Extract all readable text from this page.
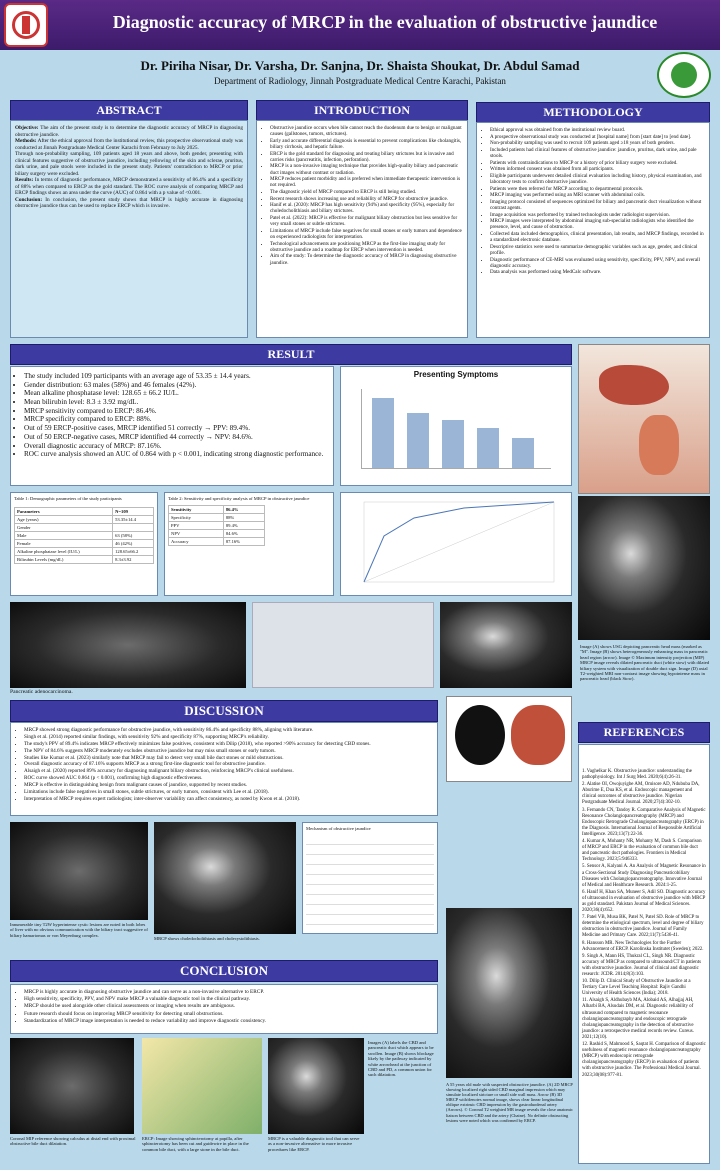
Diagnostic accuracy of MRCP in the evaluation of obstructive jaundice
Dr. Piriha Nisar, Dr. Varsha, Dr. Sanjna, Dr. Shaista Shoukat, Dr. Abdul Samad
Department of Radiology, Jinnah Postgraduate Medical Centre Karachi, Pakistan
ABSTRACT
Objective: The aim of the present study is to determine the diagnostic accuracy of MRCP in diagnosing obstructive jaundice.
Methods: After the ethical approval from the institutional review, this prospective observational study was conducted at Jinnah Postgraduate Medical Center Karachi from February to July 2025.
Through non-probability sampling, 109 patients aged 18 years and above, both gender, presenting with clinical features suggestive of obstructive jaundice, including yellowing of the skin and sclerae, pruritus, dark urine, and pale stools were included in the present study. Patients' contradiction to MRCP or prior biliary surgery were excluded.
Results: In terms of diagnostic performance, MRCP demonstrated a sensitivity of 86.4% and a specificity of 88% when compared to ERCP as the gold standard. The ROC curve analysis of comparing MRCP and ERCP findings shows an area under the curve (AUC) of 0.864 with a p value of <0.001.
Conclusion: In conclusion, the present study shows that MRCP is highly accurate in diagnosing obstructive jaundice thus can be used to replace ERCP which is invasive.
INTRODUCTION
• Obstructive jaundice occurs when bile cannot reach the duodenum due to benign or malignant causes (gallstones, tumors, strictures).
• Early and accurate differential diagnosis is essential to prevent complications like cholangitis, biliary cirrhosis, and hepatic failure.
• ERCP is the gold standard for diagnosing and treating biliary strictures but is invasive and carries risks (pancreatitis, infection, perforation).
• MRCP is a non-invasive imaging technique that provides high-quality biliary and pancreatic duct images without contrast or radiation.
• MRCP reduces patient morbidity and is preferred when immediate therapeutic intervention is not required.
• The diagnostic yield of MRCP compared to ERCP is still being studied.
• Recent research shows increasing use and reliability of MRCP for obstructive jaundice.
• Hanif et al. (2020): MRCP has high sensitivity (94%) and specificity (95%), especially for choledocholithiasis and biliary strictures.
• Patel et al. (2022): MRCP is effective for malignant biliary obstruction but less sensitive for very small stones or subtle strictures.
• Limitations of MRCP include false negatives for small stones or early tumors and dependence on experienced radiologists for interpretation.
• Technological advancements are positioning MRCP as the first-line imaging study for obstructive jaundice and a roadmap for ERCP when intervention is needed.
• Aim of the study: To determine the diagnostic accuracy of MRCP in diagnosing obstructive jaundice.
METHODOLOGY
• Ethical approval was obtained from the institutional review board.
• A prospective observational study was conducted at [hospital name] from [start date] to [end date].
• Non-probability sampling was used to recruit 109 patients aged ≥18 years of both genders.
• Included patients had clinical features of obstructive jaundice: jaundice, pruritus, dark urine, and pale stools.
• Patients with contraindications to MRCP or a history of prior biliary surgery were excluded.
• Written informed consent was obtained from all participants.
• Eligible participants underwent detailed clinical evaluation including history, physical examination, and laboratory tests to confirm obstructive jaundice.
• Patients were then referred for MRCP according to departmental protocols.
• MRCP imaging was performed using an MRI scanner with abdominal coils.
• Imaging protocol consisted of sequences optimized for biliary and pancreatic duct visualization without contrast agents.
• Image acquisition was performed by trained technologists under radiologist supervision.
• MRCP images were interpreted by abdominal imaging sub-specialist radiologists who identified the presence, level, and cause of obstruction.
• Collected data included demographics, clinical presentation, lab results, and MRCP findings, recorded in a standardized electronic database.
• Descriptive statistics were used to summarize demographic variables such as age, gender, and clinical profile.
• Diagnostic performance of CE-MRI was evaluated using sensitivity, specificity, PPV, NPV, and overall diagnostic accuracy.
• Data analysis was performed using MedCalc software.
RESULT
• The study included 109 participants with an average age of 53.35 ± 14.4 years.
• Gender distribution: 63 males (58%) and 46 females (42%).
• Mean alkaline phosphatase level: 128.65 ± 66.2 IU/L.
• Mean bilirubin level: 8.3 ± 3.92 mg/dL.
• MRCP sensitivity compared to ERCP: 86.4%.
• MRCP specificity compared to ERCP: 88%.
• Out of 59 ERCP-positive cases, MRCP identified 51 correctly → PPV: 89.4%.
• Out of 50 ERCP-negative cases, MRCP identified 44 correctly → NPV: 84.6%.
• Overall diagnostic accuracy of MRCP: 87.16%.
• ROC curve analysis showed an AUC of 0.864 with p < 0.001, indicating strong diagnostic performance.
Presenting Symptoms
Table 1: Demographic parameters of the study participants
Parameters	N=109
Age (years)	53.35±14.4
Gender	
Male	63 (58%)
Female	46 (42%)
Alkaline phosphatase level (IU/L)	128.65±66.2
Bilirubin Levels (mg/dL)	8.3±3.92
Table 2: Sensitivity and specificity analysis of MRCP in obstructive jaundice
Sensitivity	86.4%
Specificity	88%
PPV	89.4%
NPV	84.6%
Accuracy	87.16%
Pancreatic adenocarcinoma.
Image (A) shows USG depicting pancreatic head mass (marked as "M". Image (B) shows heterogeneously enhancing mass in pancreatic head region (arrow). Image © Maximum intensity projection (MIP) MRCP image reveals dilated pancreatic duct (white stow) with dilated biliary system with visualization of double duct sign. Image (D) axial T2-weighted MRI non-contrast image showing hypointense mass in pancreatic head (black Stow).
DISCUSSION
• MRCP showed strong diagnostic performance for obstructive jaundice, with sensitivity 86.4% and specificity 88%, aligning with literature.
• Singh et al. (2014) reported similar findings, with sensitivity 92% and specificity 87%, supporting MRCP's reliability.
• The study's PPV of 89.4% indicates MRCP effectively minimizes false positives, consistent with Dilip (2018), who reported >90% accuracy for detecting CBD stones.
• The NPV of 84.6% suggests MRCP moderately excludes obstructive jaundice but may miss small stones or early tumors.
• Studies like Kumar et al. (2023) similarly note that MRCP may fail to detect very small bile duct stones or mild obstructions.
• Overall diagnostic accuracy of 87.16% supports MRCP as a strong first-line diagnostic tool for obstructive jaundice.
• Alsaigh et al. (2020) reported 89% accuracy for diagnosing malignant biliary obstruction, reinforcing MRCP's clinical usefulness.
• ROC curve showed AUC 0.864 (p < 0.001), confirming high diagnostic effectiveness.
• MRCP is effective in distinguishing benign from malignant causes of jaundice, supported by recent studies.
• Limitations include false negatives in small stones, subtle strictures, or early tumors, consistent with Lee et al. (2018).
• Interpretation of MRCP requires expert radiologists; inter-observer variability can affect consistency, as noted by Kwon et al. (2018).
Innumerable tiny T2W hyperintense cystic lesions are noted in both lobes of liver with no obvious communication with the biliary tract suggestive of biliary hamartomas or von Meyenburg complex.
MRCP shows choledocholithiasis and cholecystolithiasis.
Mechanism of obstructive jaundice
CONCLUSION
• MRCP is highly accurate in diagnosing obstructive jaundice and can serve as a non-invasive alternative to ERCP.
• High sensitivity, specificity, PPV, and NPV make MRCP a valuable diagnostic tool in the clinical pathway.
• MRCP should be used alongside other clinical assessments or imaging when results are ambiguous.
• Future research should focus on improving MRCP sensitivity for detecting small obstructions.
• Standardization of MRCP image interpretation is needed to reduce variability and improve diagnostic consistency.
Coronal MIP reference showing calculus at distal end with proximal obstructive bile duct dilatation.
ERCP: Image showing sphincterotomy at papilla, after sphincterotomy has been cut and guidewire in place in the common bile duct, with a large stone in the bile duct.
MRCP is a valuable diagnostic tool that can serve as a non-invasive alternative to more invasive procedures like ERCP.
Images (A) labels the CBD and pancreatic duct which appears to be swollen. Image (B) shows blockage likely by the pathway indicated by white arrowhead at the junction of CBD and PD, a common union for such dilatation.
A 55 years old male with suspected obstructive jaundice. (A) 2D MRCP showing localized right sided CBD marginal impression which may simulate localized stricture or small side wall mass. Arrow (B) 3D MRCP with/denotes normal image, shows clear linear longitudinal oblique extrinsic CBD impression by the gastroduodenal artery (Arrows). © Coronal T2 weighted MR image reveals the close anatomic liaison between CBD and the artery (Chaine). No definite obstructing lesions were noted which was confirmed by ERCP.
REFERENCES
1. Vaghelkar K. Obstructive jaundice: understanding the pathophysiology. Int J Surg Med. 2020;6(4):26-31.
2. Alatise OI, Owojuyigbe AM, Omisore AD, Ndububa DA, Aburime E, Dua KS, et al. Endoscopic management and clinical outcomes of obstructive jaundice. Nigerian Postgraduate Medical Journal. 2020;27(4):302-10.
3. Fernando CN, Tandoy R. Comparative Analysis of Magnetic Resonance Cholangiopancreatography (MRCP) and Endoscopic Retrograde Cholangiopancreatography (ERCP) in the Diagnosis. International Journal of Responsible Artificial Intelligence. 2023;13(7):22-36.
4. Kumar A, Mohanty NR, Mohanty M, Dash S. Comparison of MRCP and ERCP in the evaluation of common bile duct and pancreatic duct pathologies. Frontiers in Medical Technology. 2023;5:946333.
5. Sensor A, Kalyani A. An Analysis of Magnetic Resonance in a Cross-Sectional Study Diagnosing Pancreaticobiliary Diseases with Cholangiopancreatography. Innovative Journal of Medical and Healthcare Research. 2024:1-25.
6. Hanif H, Khan SA, Muneer S, Adil SO. Diagnostic accuracy of ultrasound in evaluation of obstructive jaundice with MRCP as gold standard. Pakistan Journal of Medical Sciences. 2020;36(4):652.
7. Patel VB, Musa BK, Patel N, Patel SD. Role of MRCP to determine the etiological spectrum, level and degree of biliary obstruction in obstructive jaundice. Journal of Family Medicine and Primary Care. 2022;11(7):5436-41.
8. Hansson MR. New Technologies for the Further Advancement of ERCP. Karolinska Institutet (Sweden); 2022.
9. Singh A, Mann HS, Thukral CL, Singh NR. Diagnostic accuracy of MRCP as compared to ultrasound/CT in patients with obstructive jaundice. Journal of clinical and diagnostic research: JCDR. 2014;8(3):103.
10. Dilip D. Clinical Study of Obstructive Jaundice at a Tertiary Care Level Teaching Hospital: Rajiv Gandhi University of Health Sciences (India); 2018.
11. Alsaigh S, Aldhubayb MA, Alobaid AS, Alhajjaj AH, Alharbi BA, Alsudais DM, et al. Diagnostic reliability of ultrasound compared to magnetic resonance cholangiopancreatography and endoscopic retrograde cholangiopancreatography in the detection of obstructive jaundice: a retrospective medical records review. Cureus. 2021;12(10).
12. Rashid S, Mahmood S, Saqtat H. Comparison of diagnostic usefulness of magnetic resonance cholangiopancreatography (MRCP) with endoscopic retrograde cholangiopancreatography (ERCP) in evaluation of patients with obstructive jaundice. The Professional Medical Journal. 2023;30(08):977-81.
